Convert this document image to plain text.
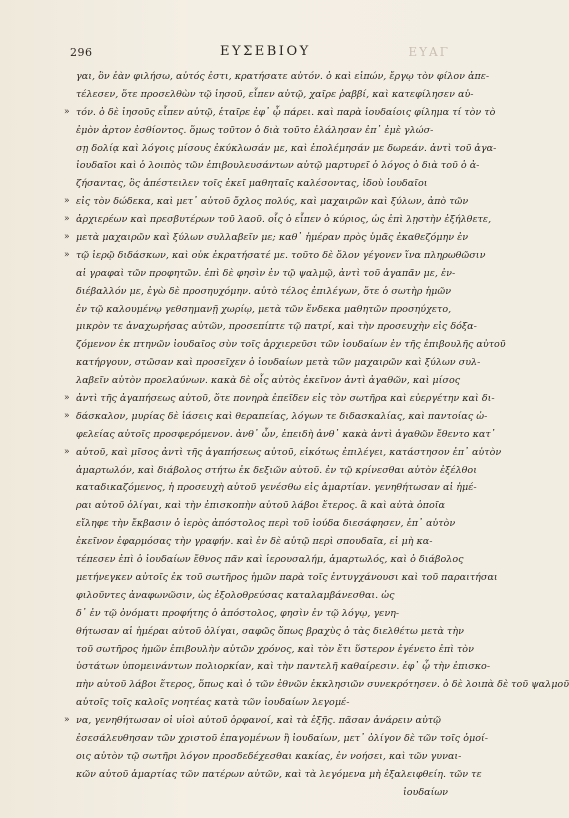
296	ΕΥΣΕΒΙΟΥ	ΕΥΑΓ
γαι, ὃν ἐὰν φιλήσω, αὐτός ἐστι, κρατήσατε αὐτόν. ὁ καὶ εἰπών, ἔργῳ τὸν φίλον ἀπε-
τέλεσεν, ὅτε προσελθὼν τῷ ἰησοῦ, εἶπεν αὐτῷ, χαῖρε ῥαββί, καὶ κατεφίλησεν αὐ-
» τόν. ὁ δὲ ἰησοῦς εἶπεν αὐτῷ, ἑταῖρε ἐφ᾽ ᾧ πάρει. καὶ παρὰ ἰουδαίοις φίλημα τί τὸν τὸ
ἐμὸν ἀρτον ἐσθίοντος. ὅμως τοῦτον ὁ διὰ τοῦτο ἐλάλησαν ἐπ᾽ ἐμὲ γλώσ-
σῃ δολίᾳ καὶ λόγοις μίσους ἐκύκλωσάν με, καὶ ἐπολέμησάν με δωρεάν. ἀντὶ τοῦ ἀγα-
ἰουδαῖοι καὶ ὁ λοιπὸς τῶν ἐπιβουλευσάντων αὐτῷ μαρτυρεῖ ὁ λόγος ὁ διὰ τοῦ ὁ ἀ-
ζήσαντας, ὃς ἀπέστειλεν τοῖς ἐκεῖ μαθηταῖς καλέσοντας, ἰδοὺ ἰουδαῖοι
» εἰς τὸν δώδεκα, καὶ μετ᾽ αὐτοῦ ὄχλος πολύς, καὶ μαχαιρῶν καὶ ξύλων, ἀπὸ τῶν
» ἀρχιερέων καὶ πρεσβυτέρων τοῦ λαοῦ. οἷς ὁ εἶπεν ὁ κύριος, ὡς ἐπὶ λῃστὴν ἐξήλθετε,
» μετὰ μαχαιρῶν καὶ ξύλων συλλαβεῖν με; καθ᾽ ἡμέραν πρὸς ὑμᾶς ἐκαθεζόμην ἐν
» τῷ ἱερῷ διδάσκων, καὶ οὐκ ἐκρατήσατέ με. τοῦτο δὲ ὅλον γέγονεν ἵνα πληρωθῶσιν
αἱ γραφαὶ τῶν προφητῶν. ἐπὶ δὲ φησὶν ἐν τῷ ψαλμῷ, ἀντὶ τοῦ ἀγαπᾶν με, ἐν-
διέβαλλόν με, ἐγὼ δὲ προσηυχόμην. αὐτὸ τέλος ἐπιλέγων, ὅτε ὁ σωτὴρ ἡμῶν
ἐν τῷ καλουμένῳ γεθσημανῇ χωρίῳ, μετὰ τῶν ἕνδεκα μαθητῶν προσηύχετο,
μικρὸν τε ἀναχωρήσας αὐτῶν, προσεπίπτε τῷ πατρί, καὶ τὴν προσευχὴν εἰς δόξα-
ζόμενον ἐκ πτηνῶν ἰουδαῖος σὺν τοῖς ἀρχιερεῦσι τῶν ἰουδαίων ἐν τῆς ἐπιβουλῆς αὐτοῦ
κατήργουν, στῶσαν καὶ προσεῖχεν ὁ ἰουδαίων μετὰ τῶν μαχαιρῶν καὶ ξύλων συλ-
λαβεῖν αὐτὸν προελαύνων. κακὰ δὲ οἷς αὐτὸς ἐκεῖνον ἀντὶ ἀγαθῶν, καὶ μίσος
» ἀντὶ τῆς ἀγαπήσεως αὐτοῦ, ὅτε πονηρὰ ἐπεῖδεν εἰς τὸν σωτῆρα καὶ εὐεργέτην καὶ δι-
» δάσκαλον, μυρίας δὲ ἰάσεις καὶ θεραπείας, λόγων τε διδασκαλίας, καὶ παντοίας ὠ-
φελείας αὐτοῖς προσφερόμενον. ἀνθ᾽ ὧν, ἐπειδὴ ἀνθ᾽ κακὰ ἀντὶ ἀγαθῶν ἔθεντο κατ᾽
» αὐτοῦ, καὶ μῖσος ἀντὶ τῆς ἀγαπήσεως αὐτοῦ, εἰκότως ἐπιλέγει, κατάστησον ἐπ᾽ αὐτὸν
ἁμαρτωλόν, καὶ διάβολος στήτω ἐκ δεξιῶν αὐτοῦ. ἐν τῷ κρίνεσθαι αὐτὸν ἐξέλθοι
καταδικαζόμενος, ἡ προσευχὴ αὐτοῦ γενέσθω εἰς ἁμαρτίαν. γενηθήτωσαν αἱ ἡμέ-
ραι αὐτοῦ ὀλίγαι, καὶ τὴν ἐπισκοπὴν αὐτοῦ λάβοι ἕτερος. ἃ καὶ αὐτὰ ὁποῖα
εἴληφε τὴν ἔκβασιν ὁ ἱερὸς ἀπόστολος περὶ τοῦ ἰούδα διεσάφησεν, ἐπ᾽ αὐτὸν
ἐκεῖνον ἐφαρμόσας τὴν γραφήν. καὶ ἐν δὲ αὐτῷ περὶ σπουδαῖα, εἰ μὴ κα-
τέπεσεν ἐπὶ ὁ ἰουδαίων ἔθνος πᾶν καὶ ἱερουσαλήμ, ἁμαρτωλός, καὶ ὁ διάβολος
μετήνεγκεν αὐτοῖς ἐκ τοῦ σωτῆρος ἡμῶν παρὰ τοῖς ἐντυγχάνουσι καὶ τοῦ παραιτήσαι
φιλοῦντες ἀναφωνῶσιν, ὡς ἐξολοθρεύσας καταλαμβάνεσθαι. ὡς
δ᾽ ἐν τῷ ὀνόματι προφήτης ὁ ἀπόστολος, φησὶν ἐν τῷ λόγῳ, γενη-
θήτωσαν αἱ ἡμέραι αὐτοῦ ὀλίγαι, σαφῶς ὅπως βραχὺς ὁ τὰς διελθέτω μετὰ τὴν
τοῦ σωτῆρος ἡμῶν ἐπιβουλὴν αὐτῶν χρόνος, καὶ τὸν ἔτι ὕστερον ἐγένετο ἐπὶ τὸν
ὑστάτων ὑπομεινάντων πολιορκίαν, καὶ τὴν παντελῆ καθαίρεσιν. ἐφ᾽ ᾧ τὴν ἐπισκο-
πὴν αὐτοῦ λάβοι ἕτερος, ὅπως καὶ ὁ τῶν ἐθνῶν ἐκκλησιῶν συνεκρότησεν. ὁ δὲ λοιπὰ δὲ τοῦ ψαλμοῦ
αὐτοῖς τοῖς καλοῖς νοητέας κατὰ τῶν ἰουδαίων λεγομέ-
» να, γενηθήτωσαν οἱ υἱοὶ αὐτοῦ ὀρφανοί, καὶ τὰ ἑξῆς. πᾶσαν ἀνάρειν αὐτῷ
ἐσεσάλευθησαν τῶν χριστοῦ ἐπαγομένων ἢ ἰουδαίων, μετ᾽ ὀλίγον δὲ τῶν τοῖς ὁμοί-
οις αὐτὸν τῷ σωτῆρι λόγον προσδεδέχεσθαι κακίας, ἐν νοήσει, καὶ τῶν γυναι-
κῶν αὐτοῦ ἁμαρτίας τῶν πατέρων αὐτῶν, καὶ τὰ λεγόμενα μὴ ἐξαλειφθείη. τῶν τε
ἰουδαίων
